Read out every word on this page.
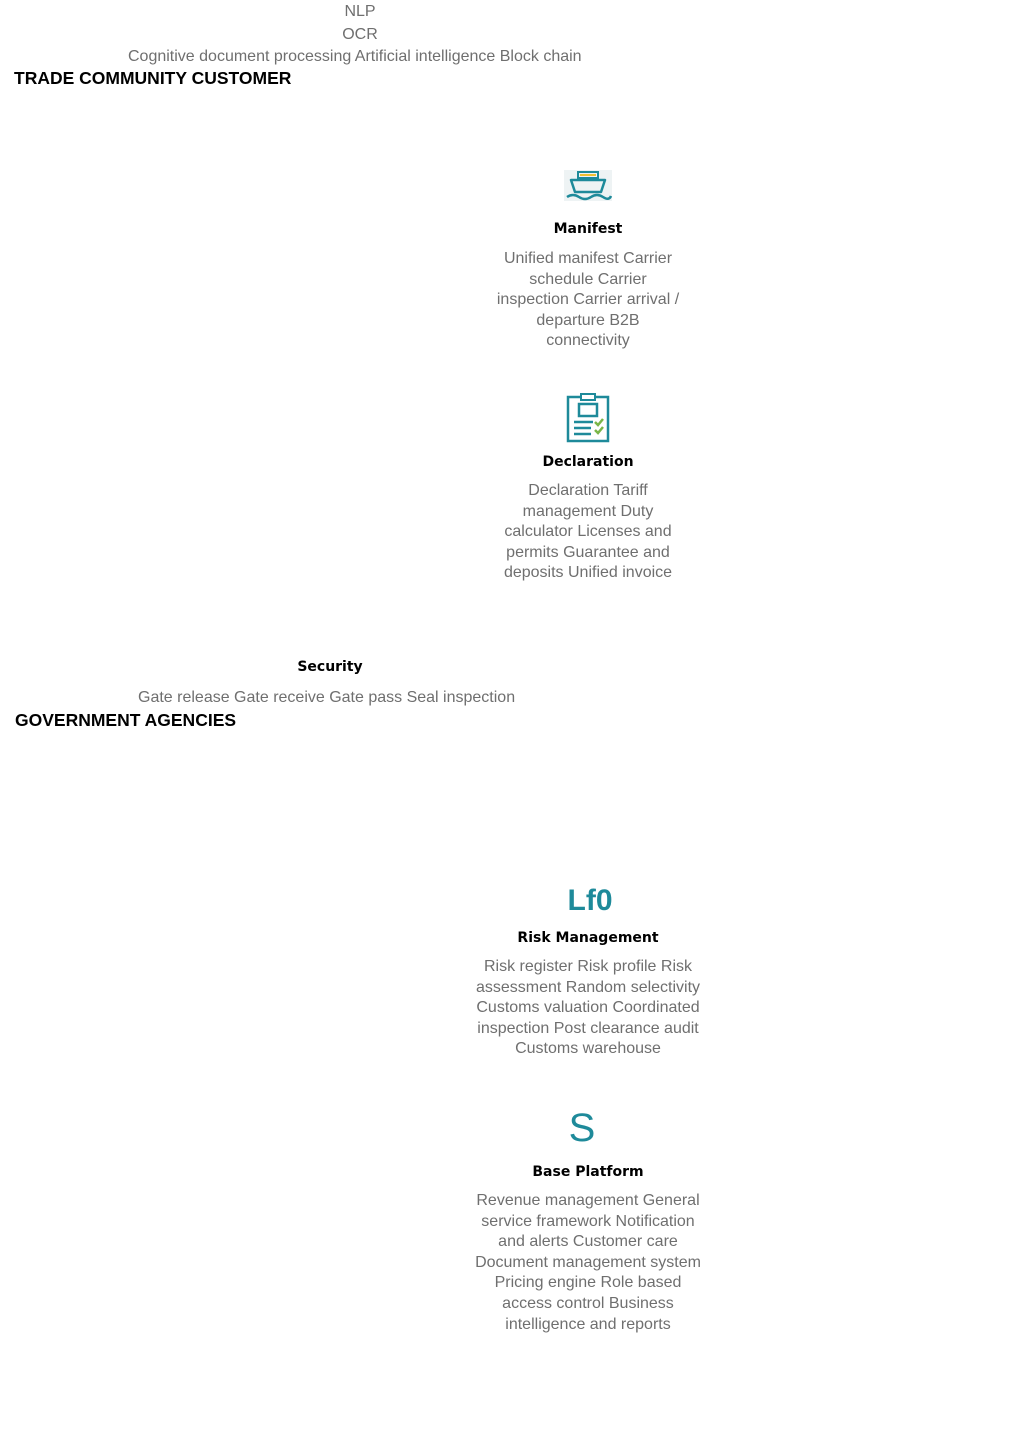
NLP
OCR
Cognitive document processing Artificial intelligence Block chain
TRADE COMMUNITY CUSTOMER
Manifest
Unified manifest Carrier
schedule Carrier
inspection Carrier arrival /
departure B2B
connectivity
Declaration
Declaration Tariff
management Duty
calculator Licenses and
permits Guarantee and
deposits Unified invoice
Security
Gate release Gate receive Gate pass Seal inspection
GOVERNMENT AGENCIES
Lf0
Risk Management
Risk register Risk profile Risk
assessment Random selectivity
Customs valuation Coordinated
inspection Post clearance audit
Customs warehouse
S
Base Platform
Revenue management General
service framework Notification
and alerts Customer care
Document management system
Pricing engine Role based
access control Business
intelligence and reports
